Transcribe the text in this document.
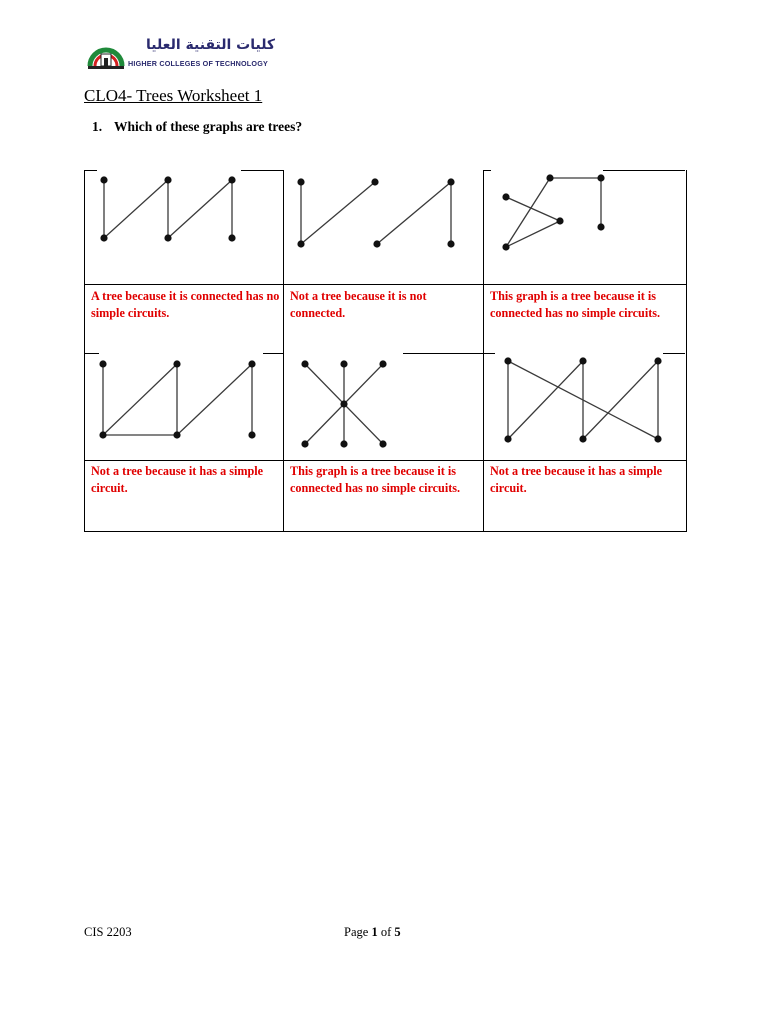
كليات التقنية العليا
HIGHER COLLEGES OF TECHNOLOGY
CLO4- Trees Worksheet 1
1. Which of these graphs are trees?
A tree because it is connected has no simple circuits.
Not a tree because it is not connected.
This graph is a tree because it is connected has no simple circuits.
Not a tree because it has a simple circuit.
This graph is a tree because it is connected has no simple circuits.
Not a tree because it has a simple circuit.
CIS 2203	Page 1 of 5
